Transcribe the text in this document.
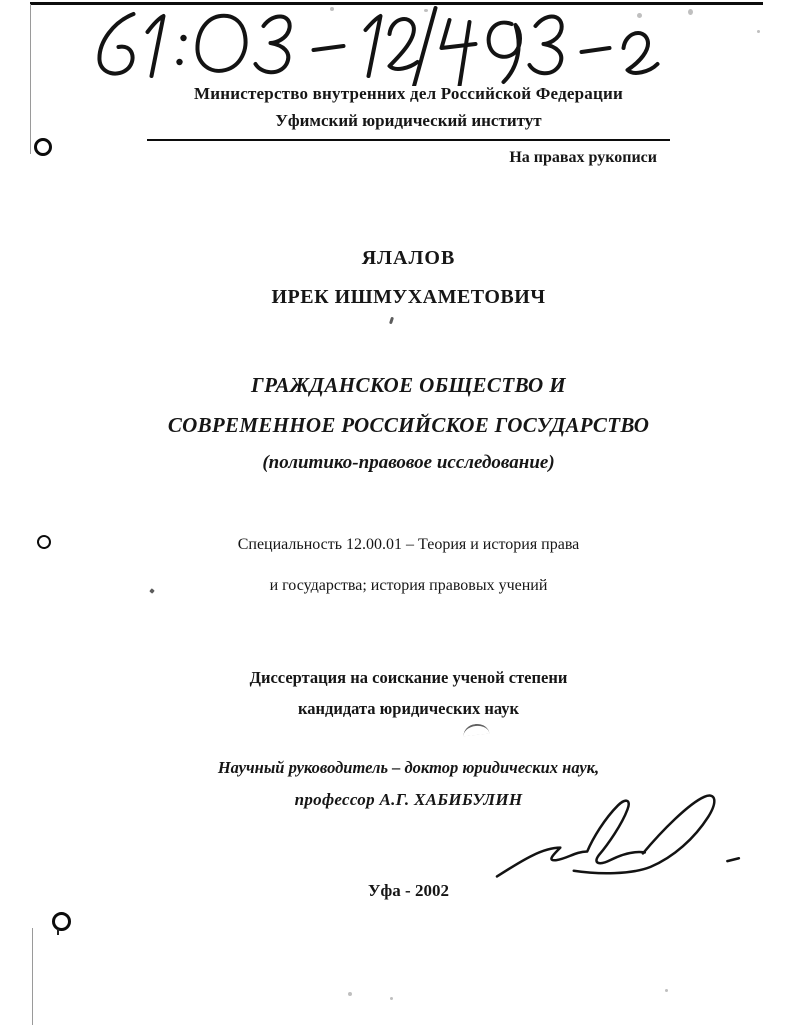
Министерство внутренних дел Российской Федерации
Уфимский юридический институт
На правах рукописи
ЯЛАЛОВ
ИРЕК ИШМУХАМЕТОВИЧ
ГРАЖДАНСКОЕ ОБЩЕСТВО И
СОВРЕМЕННОЕ РОССИЙСКОЕ ГОСУДАРСТВО
(политико-правовое исследование)
Специальность 12.00.01 – Теория и история права
и государства; история правовых учений
Диссертация на соискание ученой степени
кандидата юридических наук
Научный руководитель – доктор юридических наук,
профессор А.Г. ХАБИБУЛИН
Уфа - 2002
